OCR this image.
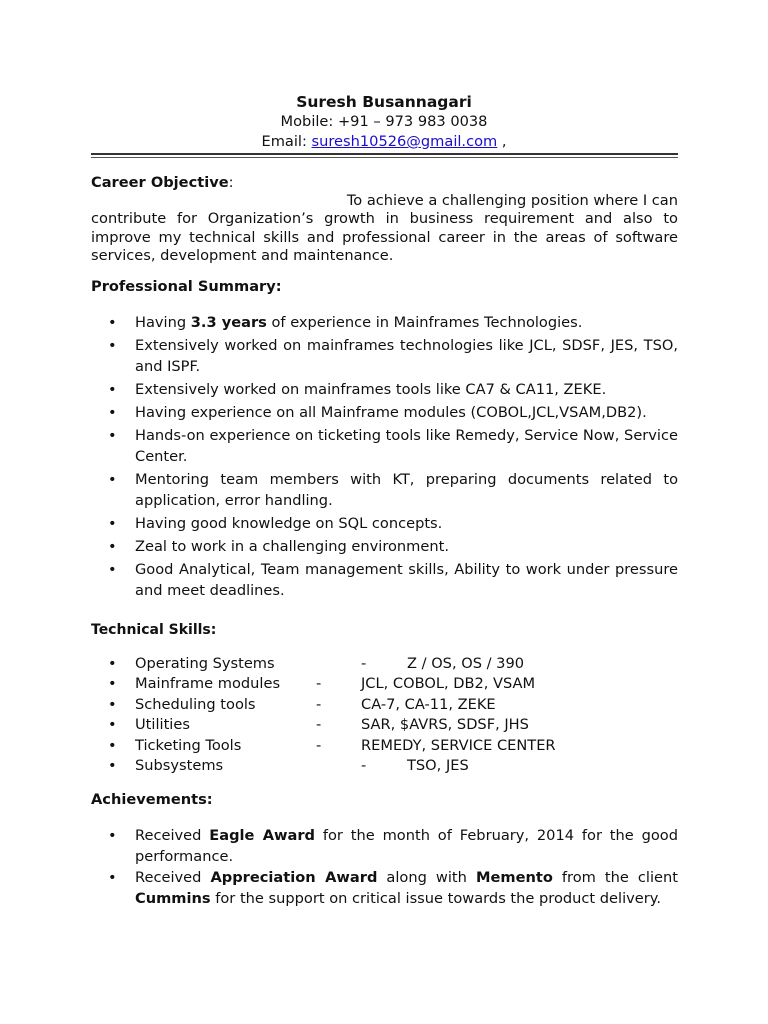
Suresh Busannagari
Mobile: +91 – 973 983 0038
Email: suresh10526@gmail.com ,
Career Objective:
To achieve a challenging position where I can
contribute for Organization’s growth in business requirement and also to improve my technical skills and professional career in the areas of software services, development and maintenance.
Professional Summary:
• Having 3.3 years of experience in Mainframes Technologies.
• Extensively worked on mainframes technologies like JCL, SDSF, JES, TSO, and ISPF.
• Extensively worked on mainframes tools like CA7 & CA11, ZEKE.
• Having experience on all Mainframe modules (COBOL,JCL,VSAM,DB2).
• Hands-on experience on ticketing tools like Remedy, Service Now, Service Center.
• Mentoring team members with KT, preparing documents related to application, error handling.
• Having good knowledge on SQL concepts.
• Zeal to work in a challenging environment.
• Good Analytical, Team management skills, Ability to work under pressure and meet deadlines.
Technical Skills:
• Operating Systems	-	Z / OS, OS / 390
• Mainframe modules -	JCL, COBOL, DB2, VSAM
• Scheduling tools	-	CA-7, CA-11, ZEKE
• Utilities	-	SAR, $AVRS, SDSF, JHS
• Ticketing Tools	-	REMEDY, SERVICE CENTER
• Subsystems	-	TSO, JES
Achievements:
• Received Eagle Award for the month of February, 2014 for the good performance.
• Received Appreciation Award along with Memento from the client Cummins for the support on critical issue towards the product delivery.
